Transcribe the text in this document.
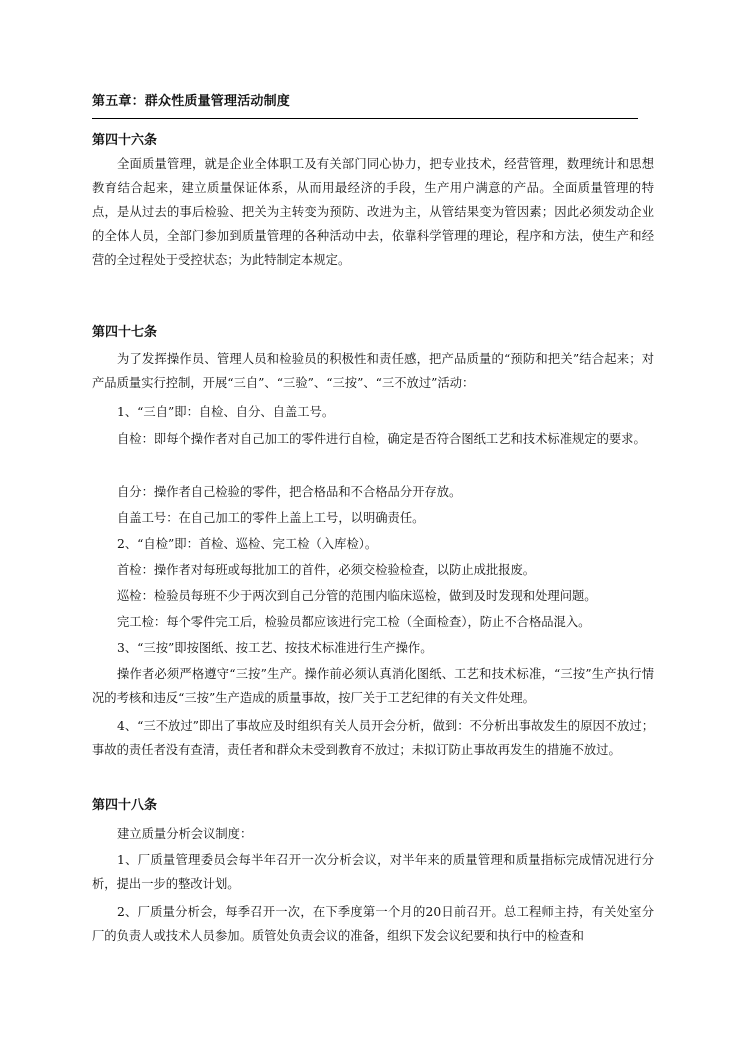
第五章：群众性质量管理活动制度
第四十六条

全面质量管理，就是企业全体职工及有关部门同心协力，把专业技术，经营管理，数理统计和思想教育结合起来，建立质量保证体系，从而用最经济的手段，生产用户满意的产品。全面质量管理的特点，是从过去的事后检验、把关为主转变为预防、改进为主，从管结果变为管因素；因此必须发动企业的全体人员，全部门参加到质量管理的各种活动中去，依靠科学管理的理论，程序和方法，使生产和经营的全过程处于受控状态；为此特制定本规定。

第四十七条

为了发挥操作员、管理人员和检验员的积极性和责任感，把产品质量的“预防和把关”结合起来；对产品质量实行控制，开展“三自”、“三验”、“三按”、“三不放过”活动：

1、“三自”即：自检、自分、自盖工号。

自检：即每个操作者对自己加工的零件进行自检，确定是否符合图纸工艺和技术标准规定的要求。

自分：操作者自己检验的零件，把合格品和不合格品分开存放。

自盖工号：在自己加工的零件上盖上工号，以明确责任。

2、“自检”即：首检、巡检、完工检（入库检）。

首检：操作者对每班或每批加工的首件，必须交检验检查，以防止成批报废。

巡检：检验员每班不少于两次到自己分管的范围内临床巡检，做到及时发现和处理问题。

完工检：每个零件完工后，检验员都应该进行完工检（全面检查），防止不合格品混入。

3、“三按”即按图纸、按工艺、按技术标准进行生产操作。

操作者必须严格遵守“三按”生产。操作前必须认真消化图纸、工艺和技术标准，“三按”生产执行情况的考核和违反“三按”生产造成的质量事故，按厂关于工艺纪律的有关文件处理。

4、“三不放过”即出了事故应及时组织有关人员开会分析，做到：不分析出事故发生的原因不放过；事故的责任者没有查清，责任者和群众未受到教育不放过；未拟订防止事故再发生的措施不放过。

第四十八条

建立质量分析会议制度：

1、厂质量管理委员会每半年召开一次分析会议，对半年来的质量管理和质量指标完成情况进行分析，提出一步的整改计划。

2、厂质量分析会，每季召开一次，在下季度第一个月的20日前召开。总工程师主持，有关处室分厂的负责人或技术人员参加。质管处负责会议的准备，组织下发会议纪要和执行中的检查和
